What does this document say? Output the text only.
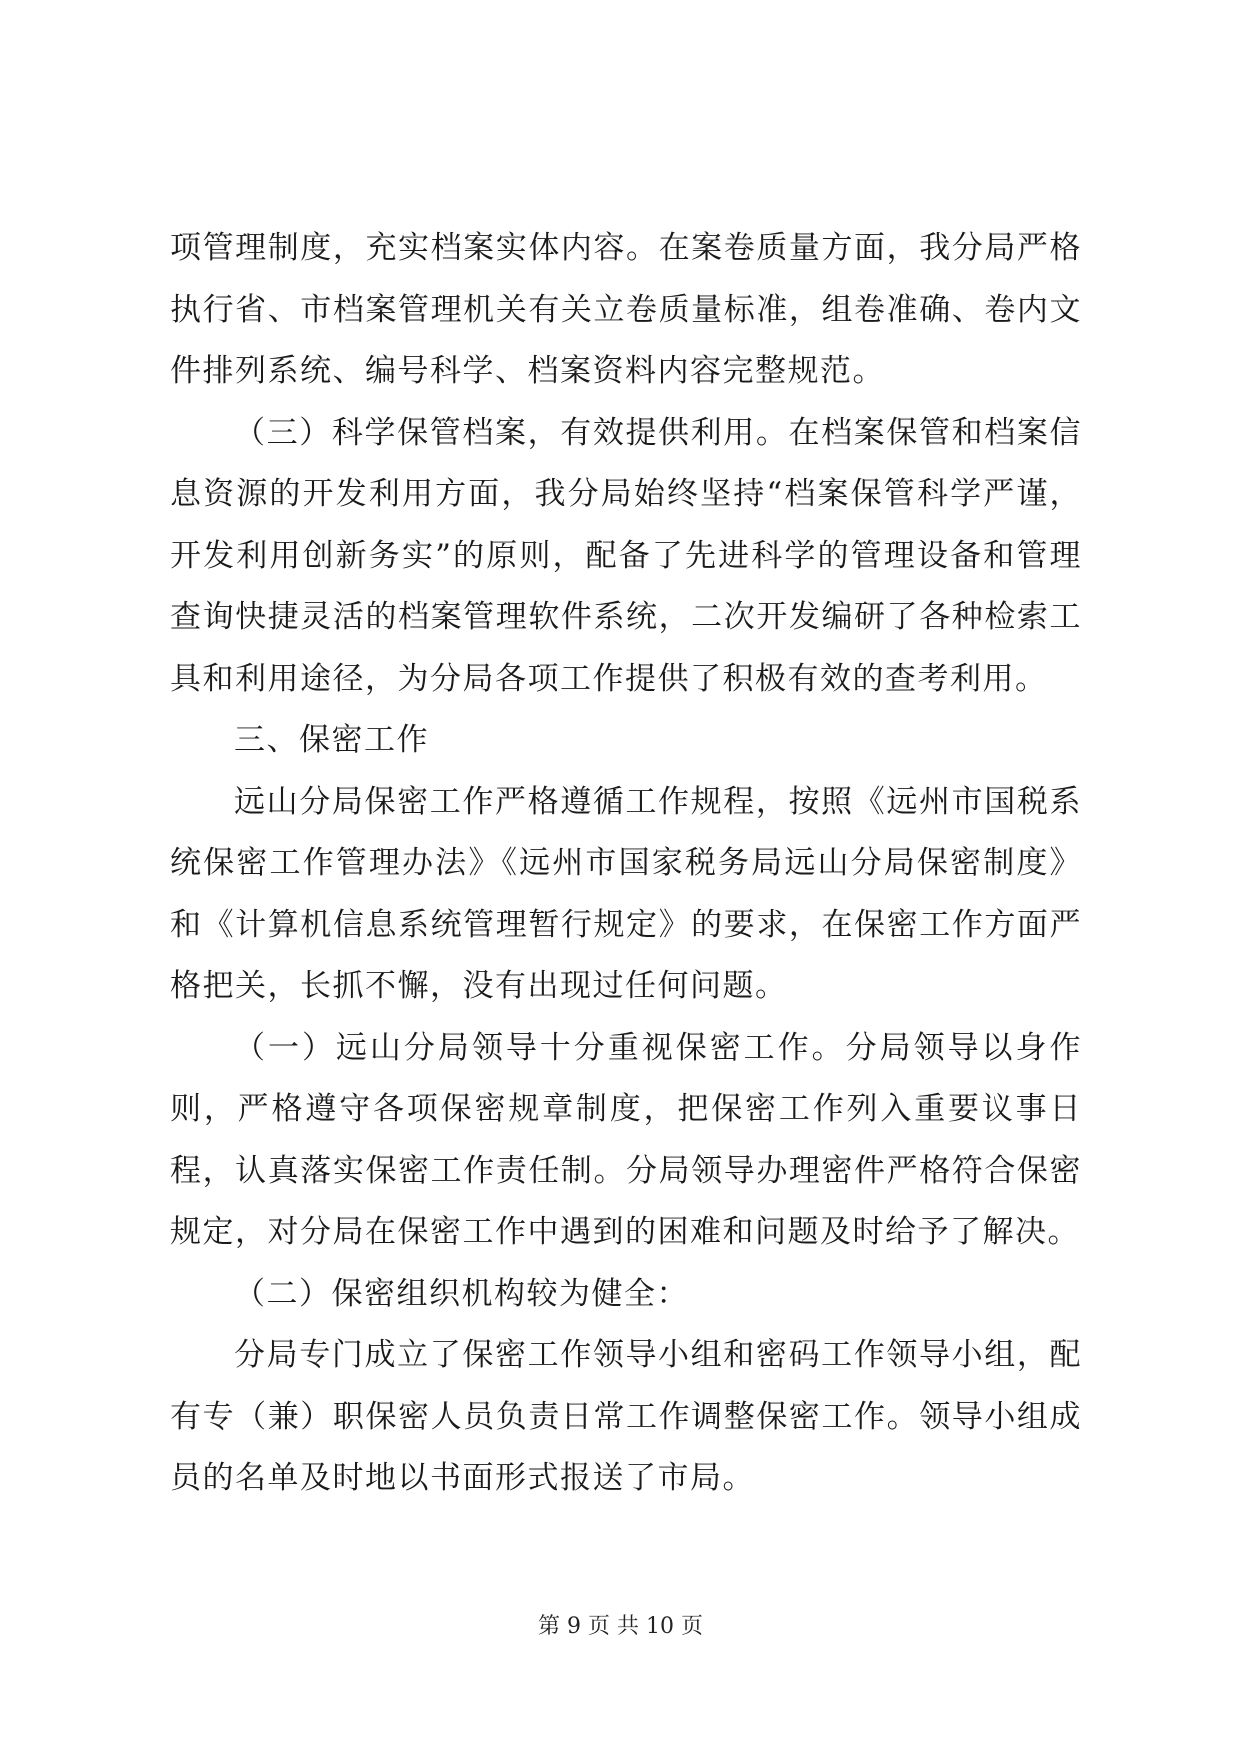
项管理制度，充实档案实体内容。在案卷质量方面，我分局严格执行省、市档案管理机关有关立卷质量标准，组卷准确、卷内文件排列系统、编号科学、档案资料内容完整规范。

（三）科学保管档案，有效提供利用。在档案保管和档案信息资源的开发利用方面，我分局始终坚持“档案保管科学严谨，开发利用创新务实”的原则，配备了先进科学的管理设备和管理查询快捷灵活的档案管理软件系统，二次开发编研了各种检索工具和利用途径，为分局各项工作提供了积极有效的查考利用。

三、保密工作

远山分局保密工作严格遵循工作规程，按照《远州市国税系统保密工作管理办法》《远州市国家税务局远山分局保密制度》和《计算机信息系统管理暂行规定》的要求，在保密工作方面严格把关，长抓不懈，没有出现过任何问题。

（一）远山分局领导十分重视保密工作。分局领导以身作则，严格遵守各项保密规章制度，把保密工作列入重要议事日程，认真落实保密工作责任制。分局领导办理密件严格符合保密规定，对分局在保密工作中遇到的困难和问题及时给予了解决。

（二）保密组织机构较为健全：

分局专门成立了保密工作领导小组和密码工作领导小组，配有专（兼）职保密人员负责日常工作调整保密工作。领导小组成员的名单及时地以书面形式报送了市局。

第 9 页 共 10 页
